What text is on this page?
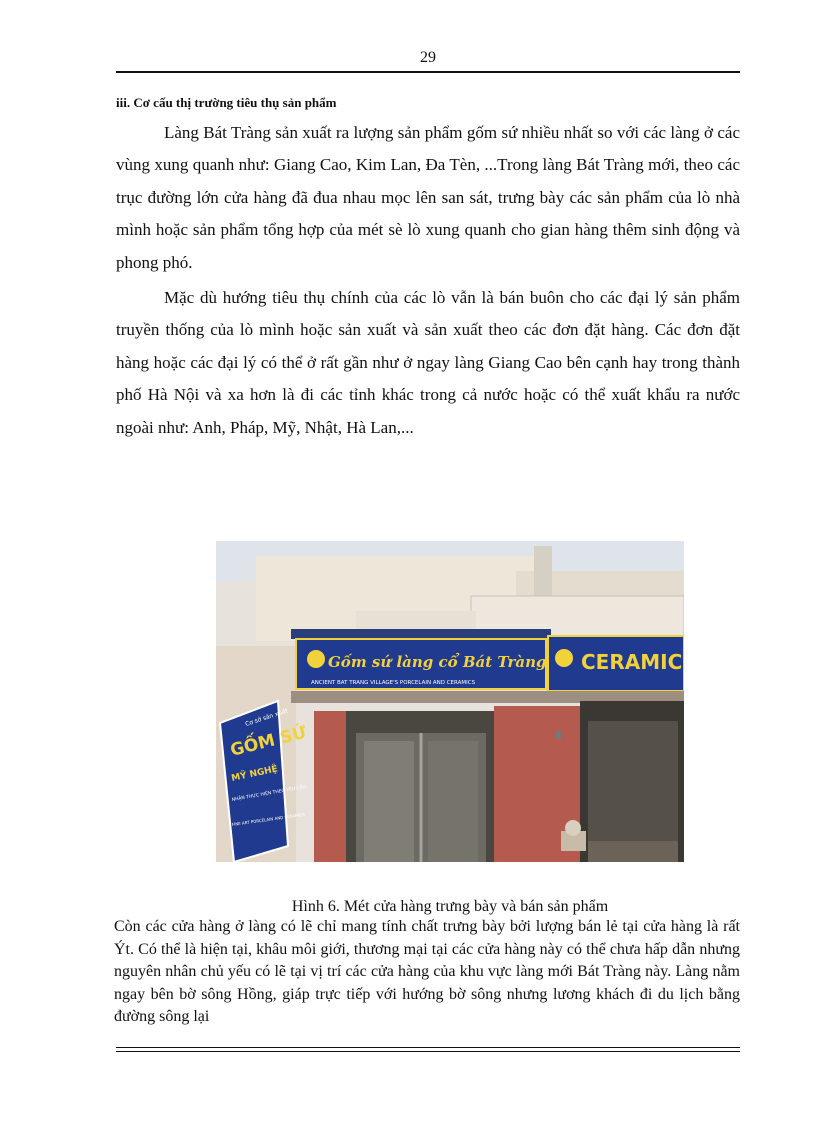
29
iii. Cơ cấu thị trường tiêu thụ sản phẩm

Làng Bát Tràng sản xuất ra lượng sản phẩm gốm sứ nhiều nhất so với các làng ở các vùng xung quanh như: Giang Cao, Kim Lan, Đa Tèn, ...Trong làng Bát Tràng mới, theo các trục đường lớn cửa hàng đã đua nhau mọc lên san sát, trưng bày các sản phẩm của lò nhà mình hoặc sản phẩm tổng hợp của mét sè lò xung quanh cho gian hàng thêm sinh động và phong phó.

Mặc dù hướng tiêu thụ chính của các lò vẫn là bán buôn cho các đại lý sản phẩm truyền thống của lò mình hoặc sản xuất và sản xuất theo các đơn đặt hàng. Các đơn đặt hàng hoặc các đại lý có thể ở rất gần như ở ngay làng Giang Cao bên cạnh hay trong thành phố Hà Nội và xa hơn là đi các tỉnh khác trong cả nước hoặc có thể xuất khẩu ra nước ngoài như: Anh, Pháp, Mỹ, Nhật, Hà Lan,...

Gốm sứ làng cổ Bát Tràng
ANCIENT BAT TRANG VILLAGE'S PORCELAIN AND CERAMICS
CERAMIC
Cơ sở sản xuất
GỐM SỨ
MỸ NGHỆ
NHẬN THỰC HIỆN THEO YÊU CẦU
FINE ART PORCELAIN AND CERAMICS
Hình 6. Mét cửa hàng trưng bày và bán sản phẩm

Còn các cửa hàng ở làng có lẽ chỉ mang tính chất trưng bày bởi lượng bán lẻ tại cửa hàng là rất Ýt. Có thể là hiện tại, khâu môi giới, thương mại tại các cửa hàng này có thể chưa hấp dẫn nhưng nguyên nhân chủ yếu có lẽ tại vị trí các cửa hàng của khu vực làng mới Bát Tràng này. Làng nằm ngay bên bờ sông Hồng, giáp trực tiếp với hướng bờ sông nhưng lương khách đi du lịch bằng đường sông lại
